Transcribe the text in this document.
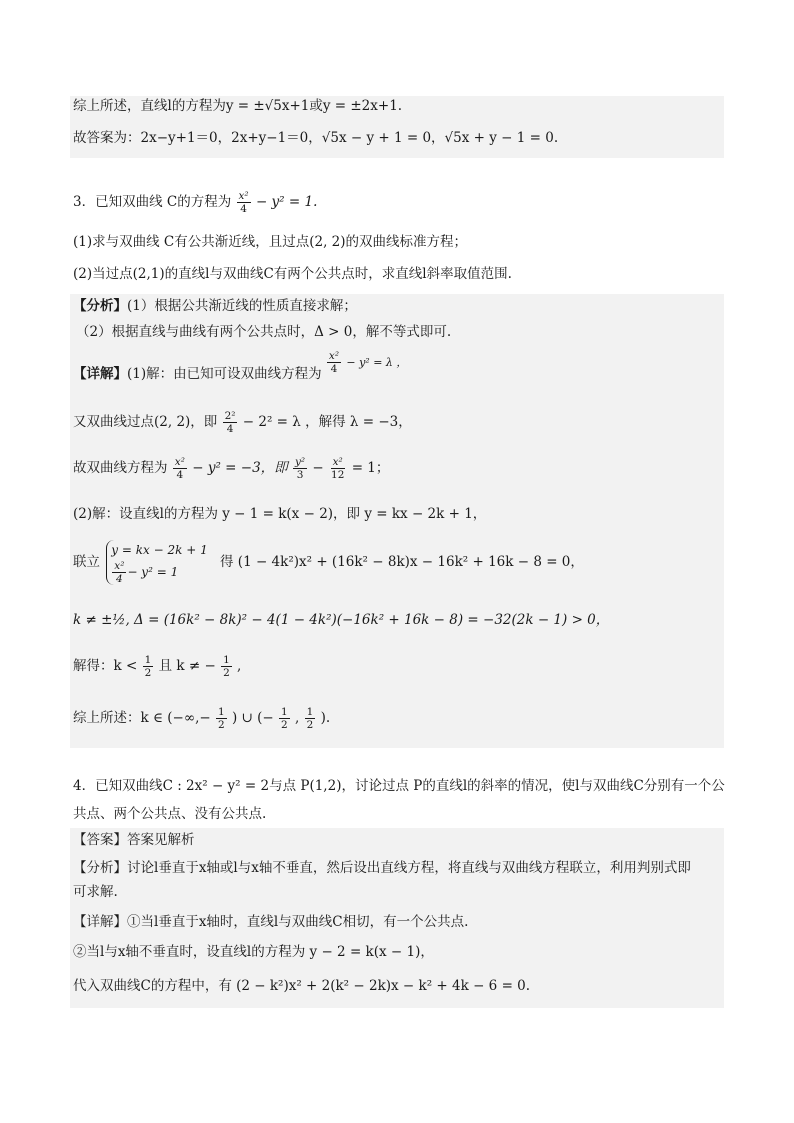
综上所述，直线l的方程为y = ±√5x+1或y = ±2x+1.
故答案为：2x−y+1＝0，2x+y−1＝0，√5x − y + 1 = 0，√5x + y − 1 = 0.
3．已知双曲线 C的方程为 $\frac{\text{x²}}{4} - y^2 = 1$.
(1)求与双曲线 C有公共渐近线，且过点(2, 2)的双曲线标准方程；
(2)当过点(2,1)的直线l与双曲线C有两个公共点时，求直线l斜率取值范围.
【分析】(1）根据公共渐近线的性质直接求解；
（2）根据直线与曲线有两个公共点时，Δ > 0，解不等式即可.
【详解】(1)解：由已知可设双曲线方程为 $\frac{\text{x²}}{4} ^{- y^2 = \lambda ,}$
又双曲线过点(2, 2)，即 $\frac{\text{2²}}{4} - 2^2 = \lambda$ ，解得 λ = −3，
故双曲线方程为 $\frac{\text{x²}}{4} - y^2 = -3$，即 $\frac{\text{y²}}{3} - \frac{\text{x²}}{12} = 1$；
(2)解：设直线l的方程为 y − 1 = k(x − 2)，即 y = kx − 2k + 1，
联立
y = kx − 2k + 1
$\frac{\text{x²}}{4} - y^2 = 1$
得 (1 − 4k²)x² + (16k² − 8k)x − 16k² + 16k − 8 = 0，
k ≠ ±½, Δ = (16k² − 8k)² − 4(1 − 4k²)(−16k² + 16k − 8) = −32(2k − 1) > 0，
解得：$k < \frac{1}{2}$ 且 k ≠ − $\frac{1}{2}$ ,
综上所述：k ∈ (−∞,− $\frac{1}{2}$ ) ∪ (− $\frac{1}{2}$ , $\frac{1}{2}$ ).
4．已知双曲线C : 2x² − y² = 2与点 P(1,2)，讨论过点 P的直线l的斜率的情况，使l与双曲线C分别有一个公
共点、两个公共点、没有公共点.
【答案】答案见解析
【分析】讨论l垂直于x轴或l与x轴不垂直，然后设出直线方程，将直线与双曲线方程联立，利用判别式即
可求解.
【详解】①当l垂直于x轴时，直线l与双曲线C相切，有一个公共点.
②当l与x轴不垂直时，设直线l的方程为 y − 2 = k(x − 1)，
代入双曲线C的方程中，有 (2 − k²)x² + 2(k² − 2k)x − k² + 4k − 6 = 0.
